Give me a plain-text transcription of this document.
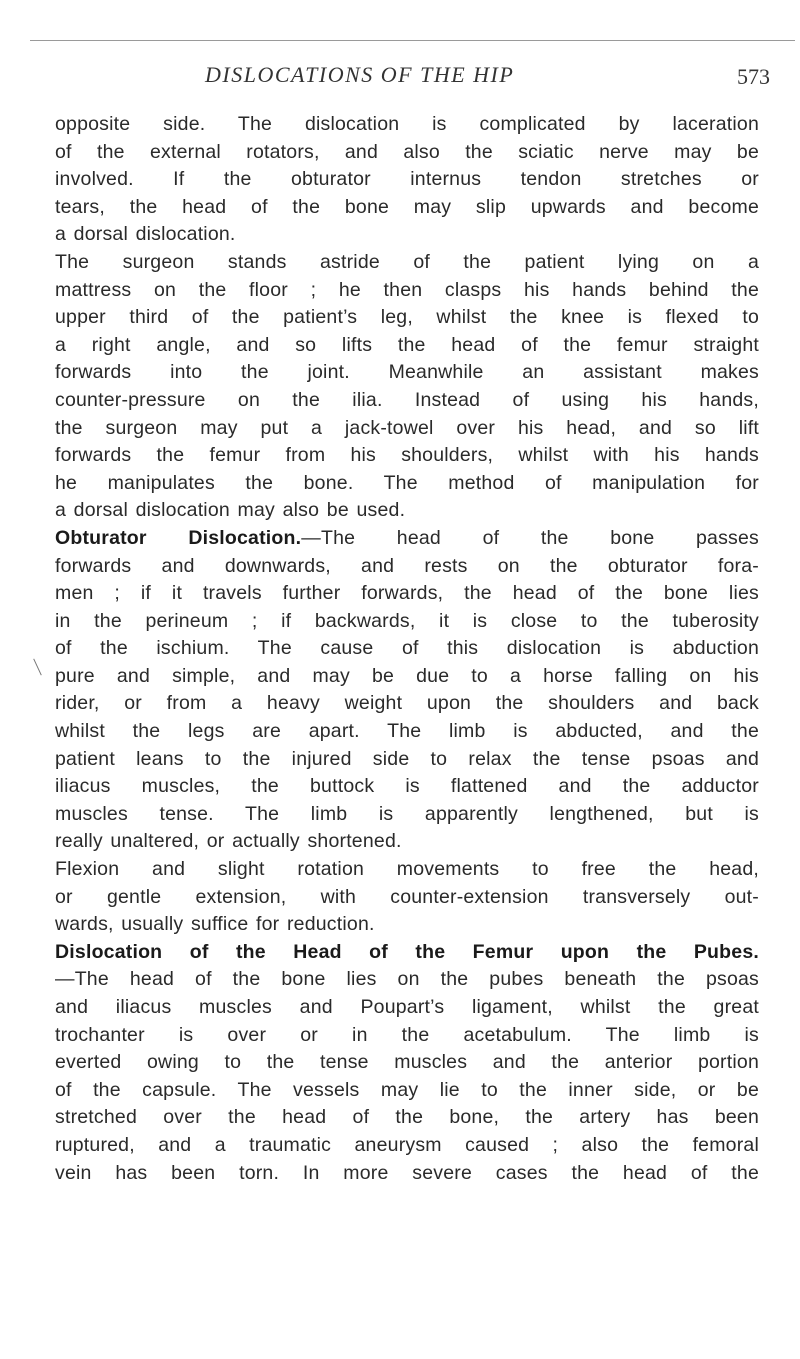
DISLOCATIONS OF THE HIP	573
opposite side. The dislocation is complicated by laceration
of the external rotators, and also the sciatic nerve may be
involved. If the obturator internus tendon stretches or
tears, the head of the bone may slip upwards and become
a dorsal dislocation.
The surgeon stands astride of the patient lying on a
mattress on the floor ; he then clasps his hands behind the
upper third of the patient’s leg, whilst the knee is flexed to
a right angle, and so lifts the head of the femur straight
forwards into the joint. Meanwhile an assistant makes
counter-pressure on the ilia. Instead of using his hands,
the surgeon may put a jack-towel over his head, and so lift
forwards the femur from his shoulders, whilst with his hands
he manipulates the bone. The method of manipulation for
a dorsal dislocation may also be used.
Obturator Dislocation.—The head of the bone passes
forwards and downwards, and rests on the obturator fora-
men ; if it travels further forwards, the head of the bone lies
in the perineum ; if backwards, it is close to the tuberosity
of the ischium. The cause of this dislocation is abduction
pure and simple, and may be due to a horse falling on his
rider, or from a heavy weight upon the shoulders and back
whilst the legs are apart. The limb is abducted, and the
patient leans to the injured side to relax the tense psoas and
iliacus muscles, the buttock is flattened and the adductor
muscles tense. The limb is apparently lengthened, but is
really unaltered, or actually shortened.
Flexion and slight rotation movements to free the head,
or gentle extension, with counter-extension transversely out-
wards, usually suffice for reduction.
Dislocation of the Head of the Femur upon the Pubes.
—The head of the bone lies on the pubes beneath the psoas
and iliacus muscles and Poupart’s ligament, whilst the great
trochanter is over or in the acetabulum. The limb is
everted owing to the tense muscles and the anterior portion
of the capsule. The vessels may lie to the inner side, or be
stretched over the head of the bone, the artery has been
ruptured, and a traumatic aneurysm caused ; also the femoral
vein has been torn. In more severe cases the head of the
